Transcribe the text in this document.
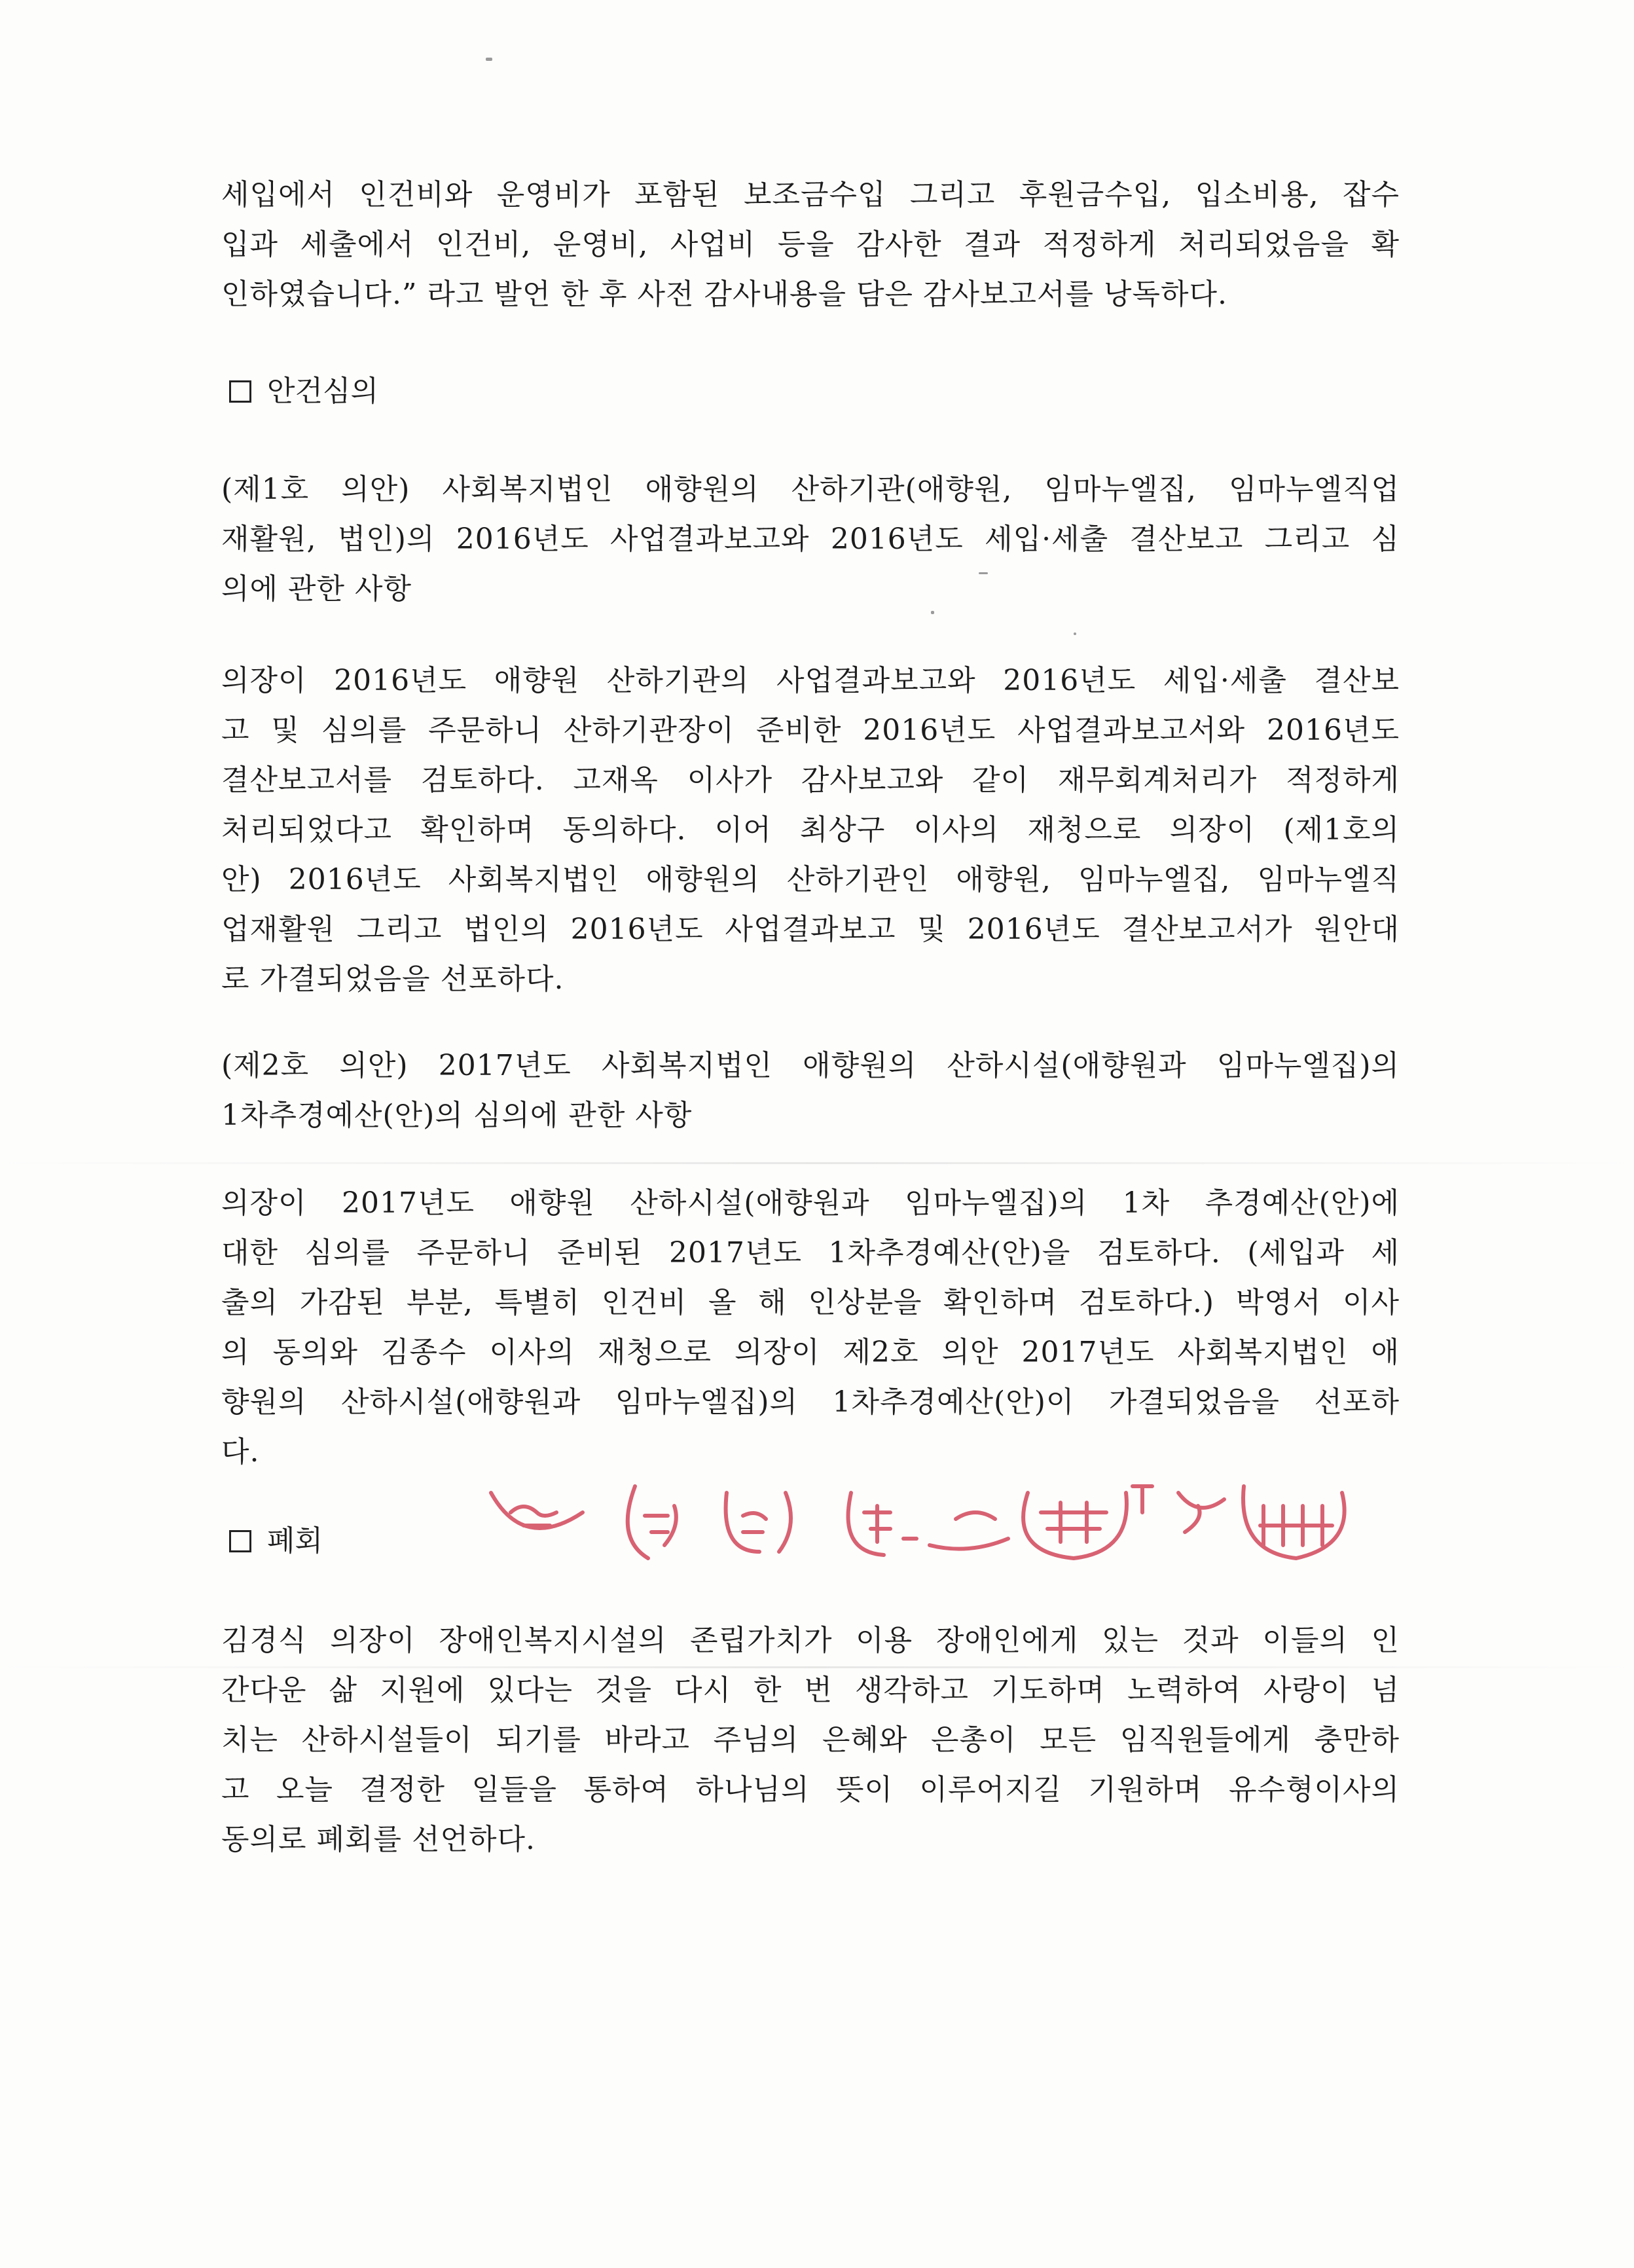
세입에서 인건비와 운영비가 포함된 보조금수입 그리고 후원금수입, 입소비용, 잡수
입과 세출에서 인건비, 운영비, 사업비 등을 감사한 결과 적정하게 처리되었음을 확
인하였습니다.” 라고 발언 한 후 사전 감사내용을 담은 감사보고서를 낭독하다.
안건심의
(제1호 의안) 사회복지법인 애향원의 산하기관(애향원, 임마누엘집, 임마누엘직업
재활원, 법인)의 2016년도 사업결과보고와 2016년도 세입·세출 결산보고 그리고 심
의에 관한 사항
의장이 2016년도 애향원 산하기관의 사업결과보고와 2016년도 세입·세출 결산보
고 및 심의를 주문하니 산하기관장이 준비한 2016년도 사업결과보고서와 2016년도
결산보고서를 검토하다. 고재옥 이사가 감사보고와 같이 재무회계처리가 적정하게
처리되었다고 확인하며 동의하다. 이어 최상구 이사의 재청으로 의장이 (제1호의
안) 2016년도 사회복지법인 애향원의 산하기관인 애향원, 임마누엘집, 임마누엘직
업재활원 그리고 법인의 2016년도 사업결과보고 및 2016년도 결산보고서가 원안대
로 가결되었음을 선포하다.
(제2호 의안) 2017년도 사회복지법인 애향원의 산하시설(애향원과 임마누엘집)의
1차추경예산(안)의 심의에 관한 사항
의장이 2017년도 애향원 산하시설(애향원과 임마누엘집)의 1차 추경예산(안)에
대한 심의를 주문하니 준비된 2017년도 1차추경예산(안)을 검토하다. (세입과 세
출의 가감된 부분, 특별히 인건비 올 해 인상분을 확인하며 검토하다.) 박영서 이사
의 동의와 김종수 이사의 재청으로 의장이 제2호 의안 2017년도 사회복지법인 애
향원의 산하시설(애향원과 임마누엘집)의 1차추경예산(안)이 가결되었음을 선포하
다.
폐회
김경식 의장이 장애인복지시설의 존립가치가 이용 장애인에게 있는 것과 이들의 인
간다운 삶 지원에 있다는 것을 다시 한 번 생각하고 기도하며 노력하여 사랑이 넘
치는 산하시설들이 되기를 바라고 주님의 은혜와 은총이 모든 임직원들에게 충만하
고 오늘 결정한 일들을 통하여 하나님의 뜻이 이루어지길 기원하며 유수형이사의
동의로 폐회를 선언하다.
